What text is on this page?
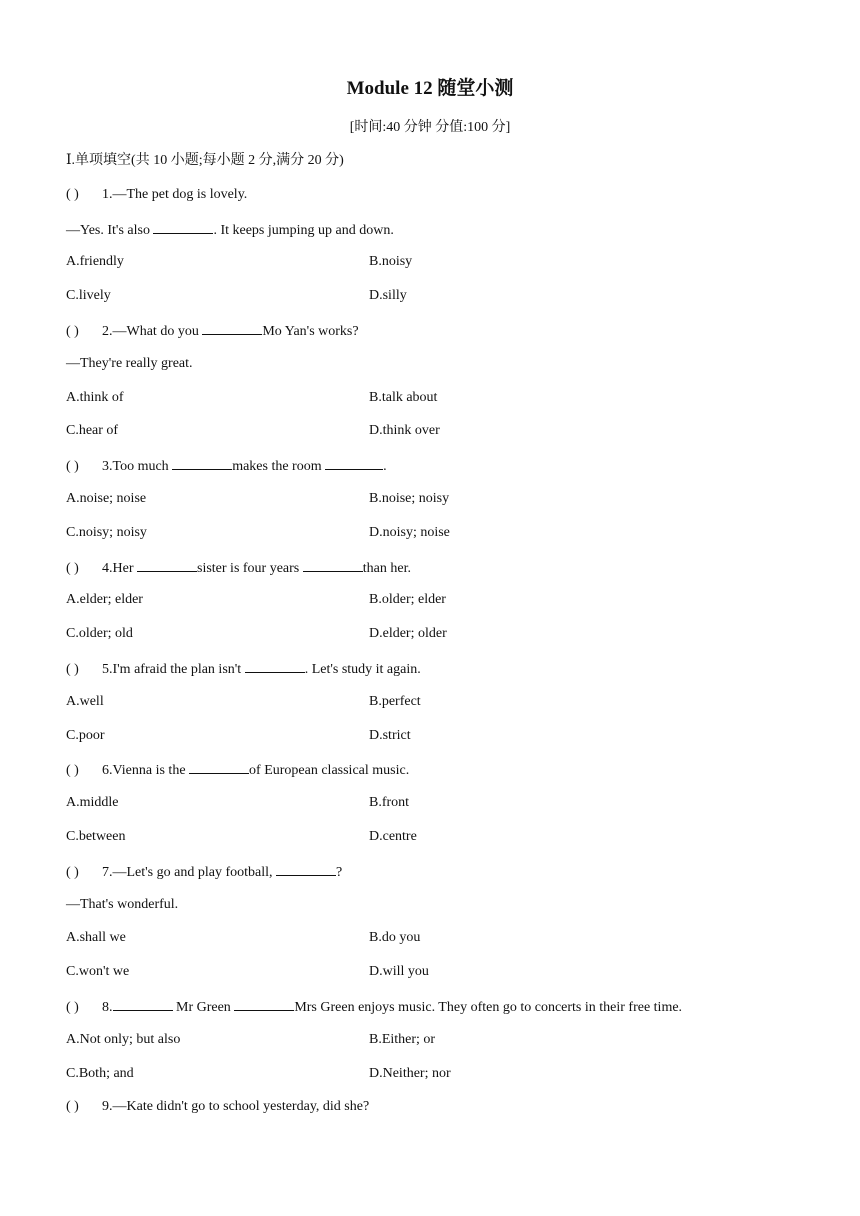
Module 12 随堂小测
[时间:40 分钟 分值:100 分]
Ⅰ.单项填空(共 10 小题;每小题 2 分,满分 20 分)
( ) 1.—The pet dog is lovely.
—Yes. It's also	. It keeps jumping up and down.
A.friendly	B.noisy
C.lively	D.silly
( ) 2.—What do you	Mo Yan's works?
—They're really great.
A.think of	B.talk about
C.hear of	D.think over
( ) 3.Too much	makes the room	.
A.noise; noise	B.noise; noisy
C.noisy; noisy	D.noisy; noise
( ) 4.Her	sister is four years	than her.
A.elder; elder	B.older; elder
C.older; old	D.elder; older
( ) 5.I'm afraid the plan isn't	. Let's study it again.
A.well	B.perfect
C.poor	D.strict
( ) 6.Vienna is the	of European classical music.
A.middle	B.front
C.between	D.centre
( ) 7.—Let's go and play football,	?
—That's wonderful.
A.shall we	B.do you
C.won't we	D.will you
( ) 8.	Mr Green	Mrs Green enjoys music. They often go to concerts in their free time.
A.Not only; but also	B.Either; or
C.Both; and	D.Neither; nor
( ) 9.—Kate didn't go to school yesterday, did she?
